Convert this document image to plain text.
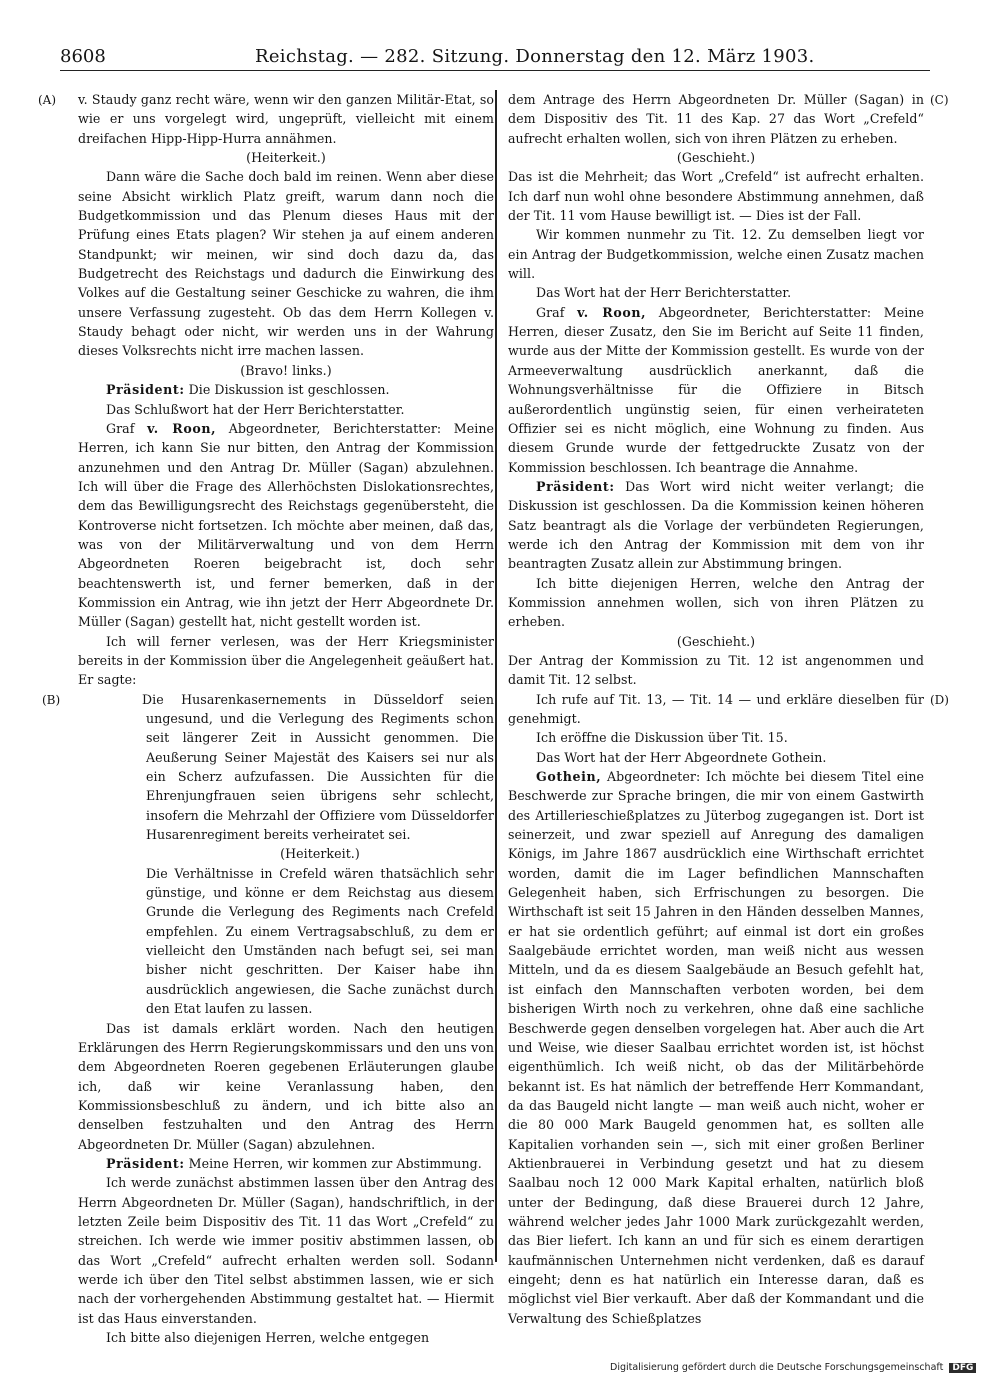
8608	Reichstag. — 282. Sitzung. Donnerstag den 12. März 1903.
(A)
(B)
(C)
(D)

v. Staudy ganz recht wäre, wenn wir den ganzen Militär-Etat, so wie er uns vorgelegt wird, ungeprüft, vielleicht mit einem dreifachen Hipp-Hipp-Hurra annähmen.

(Heiterkeit.)

Dann wäre die Sache doch bald im reinen. Wenn aber diese seine Absicht wirklich Platz greift, warum dann noch die Budgetkommission und das Plenum dieses Haus mit der Prüfung eines Etats plagen? Wir stehen ja auf einem anderen Standpunkt; wir meinen, wir sind doch dazu da, das Budgetrecht des Reichstags und dadurch die Einwirkung des Volkes auf die Gestaltung seiner Geschicke zu wahren, die ihm unsere Verfassung zugesteht. Ob das dem Herrn Kollegen v. Staudy behagt oder nicht, wir werden uns in der Wahrung dieses Volksrechts nicht irre machen lassen.

(Bravo! links.)

Präsident: Die Diskussion ist geschlossen.

Das Schlußwort hat der Herr Berichterstatter.

Graf v. Roon, Abgeordneter, Berichterstatter: Meine Herren, ich kann Sie nur bitten, den Antrag der Kommission anzunehmen und den Antrag Dr. Müller (Sagan) abzulehnen. Ich will über die Frage des Allerhöchsten Dislokationsrechtes, dem das Bewilligungsrecht des Reichstags gegenübersteht, die Kontroverse nicht fortsetzen. Ich möchte aber meinen, daß das, was von der Militärverwaltung und von dem Herrn Abgeordneten Roeren beigebracht ist, doch sehr beachtenswerth ist, und ferner bemerken, daß in der Kommission ein Antrag, wie ihn jetzt der Herr Abgeordnete Dr. Müller (Sagan) gestellt hat, nicht gestellt worden ist.

Ich will ferner verlesen, was der Herr Kriegsminister bereits in der Kommission über die Angelegenheit geäußert hat. Er sagte:

Die Husarenkasernements in Düsseldorf seien ungesund, und die Verlegung des Regiments schon seit längerer Zeit in Aussicht genommen. Die Aeußerung Seiner Majestät des Kaisers sei nur als ein Scherz aufzufassen. Die Aussichten für die Ehrenjungfrauen seien übrigens sehr schlecht, insofern die Mehrzahl der Offiziere vom Düsseldorfer Husarenregiment bereits verheiratet sei.

(Heiterkeit.)

Die Verhältnisse in Crefeld wären thatsächlich sehr günstige, und könne er dem Reichstag aus diesem Grunde die Verlegung des Regiments nach Crefeld empfehlen. Zu einem Vertragsabschluß, zu dem er vielleicht den Umständen nach befugt sei, sei man bisher nicht geschritten. Der Kaiser habe ihn ausdrücklich angewiesen, die Sache zunächst durch den Etat laufen zu lassen.

Das ist damals erklärt worden. Nach den heutigen Erklärungen des Herrn Regierungskommissars und den uns von dem Abgeordneten Roeren gegebenen Erläuterungen glaube ich, daß wir keine Veranlassung haben, den Kommissionsbeschluß zu ändern, und ich bitte also an denselben festzuhalten und den Antrag des Herrn Abgeordneten Dr. Müller (Sagan) abzulehnen.

Präsident: Meine Herren, wir kommen zur Abstimmung.

Ich werde zunächst abstimmen lassen über den Antrag des Herrn Abgeordneten Dr. Müller (Sagan), handschriftlich, in der letzten Zeile beim Dispositiv des Tit. 11 das Wort „Crefeld“ zu streichen. Ich werde wie immer positiv abstimmen lassen, ob das Wort „Crefeld“ aufrecht erhalten werden soll. Sodann werde ich über den Titel selbst abstimmen lassen, wie er sich nach der vorhergehenden Abstimmung gestaltet hat. — Hiermit ist das Haus einverstanden.

Ich bitte also diejenigen Herren, welche entgegen

dem Antrage des Herrn Abgeordneten Dr. Müller (Sagan) in dem Dispositiv des Tit. 11 des Kap. 27 das Wort „Crefeld“ aufrecht erhalten wollen, sich von ihren Plätzen zu erheben.

(Geschieht.)

Das ist die Mehrheit; das Wort „Crefeld“ ist aufrecht erhalten. Ich darf nun wohl ohne besondere Abstimmung annehmen, daß der Tit. 11 vom Hause bewilligt ist. — Dies ist der Fall.

Wir kommen nunmehr zu Tit. 12. Zu demselben liegt vor ein Antrag der Budgetkommission, welche einen Zusatz machen will.

Das Wort hat der Herr Berichterstatter.

Graf v. Roon, Abgeordneter, Berichterstatter: Meine Herren, dieser Zusatz, den Sie im Bericht auf Seite 11 finden, wurde aus der Mitte der Kommission gestellt. Es wurde von der Armeeverwaltung ausdrücklich anerkannt, daß die Wohnungsverhältnisse für die Offiziere in Bitsch außerordentlich ungünstig seien, für einen verheirateten Offizier sei es nicht möglich, eine Wohnung zu finden. Aus diesem Grunde wurde der fettgedruckte Zusatz von der Kommission beschlossen. Ich beantrage die Annahme.

Präsident: Das Wort wird nicht weiter verlangt; die Diskussion ist geschlossen. Da die Kommission keinen höheren Satz beantragt als die Vorlage der verbündeten Regierungen, werde ich den Antrag der Kommission mit dem von ihr beantragten Zusatz allein zur Abstimmung bringen.

Ich bitte diejenigen Herren, welche den Antrag der Kommission annehmen wollen, sich von ihren Plätzen zu erheben.

(Geschieht.)

Der Antrag der Kommission zu Tit. 12 ist angenommen und damit Tit. 12 selbst.

Ich rufe auf Tit. 13, — Tit. 14 — und erkläre dieselben für genehmigt.

Ich eröffne die Diskussion über Tit. 15.

Das Wort hat der Herr Abgeordnete Gothein.

Gothein, Abgeordneter: Ich möchte bei diesem Titel eine Beschwerde zur Sprache bringen, die mir von einem Gastwirth des Artillerieschießplatzes zu Jüterbog zugegangen ist. Dort ist seinerzeit, und zwar speziell auf Anregung des damaligen Königs, im Jahre 1867 ausdrücklich eine Wirthschaft errichtet worden, damit die im Lager befindlichen Mannschaften Gelegenheit haben, sich Erfrischungen zu besorgen. Die Wirthschaft ist seit 15 Jahren in den Händen desselben Mannes, er hat sie ordentlich geführt; auf einmal ist dort ein großes Saalgebäude errichtet worden, man weiß nicht aus wessen Mitteln, und da es diesem Saalgebäude an Besuch gefehlt hat, ist einfach den Mannschaften verboten worden, bei dem bisherigen Wirth noch zu verkehren, ohne daß eine sachliche Beschwerde gegen denselben vorgelegen hat. Aber auch die Art und Weise, wie dieser Saalbau errichtet worden ist, ist höchst eigenthümlich. Ich weiß nicht, ob das der Militärbehörde bekannt ist. Es hat nämlich der betreffende Herr Kommandant, da das Baugeld nicht langte — man weiß auch nicht, woher er die 80 000 Mark Baugeld genommen hat, es sollten alle Kapitalien vorhanden sein —, sich mit einer großen Berliner Aktienbrauerei in Verbindung gesetzt und hat zu diesem Saalbau noch 12 000 Mark Kapital erhalten, natürlich bloß unter der Bedingung, daß diese Brauerei durch 12 Jahre, während welcher jedes Jahr 1000 Mark zurückgezahlt werden, das Bier liefert. Ich kann an und für sich es einem derartigen kaufmännischen Unternehmen nicht verdenken, daß es darauf eingeht; denn es hat natürlich ein Interesse daran, daß es möglichst viel Bier verkauft. Aber daß der Kommandant und die Verwaltung des Schießplatzes

Digitalisierung gefördert durch die Deutsche Forschungsgemeinschaft DFG
